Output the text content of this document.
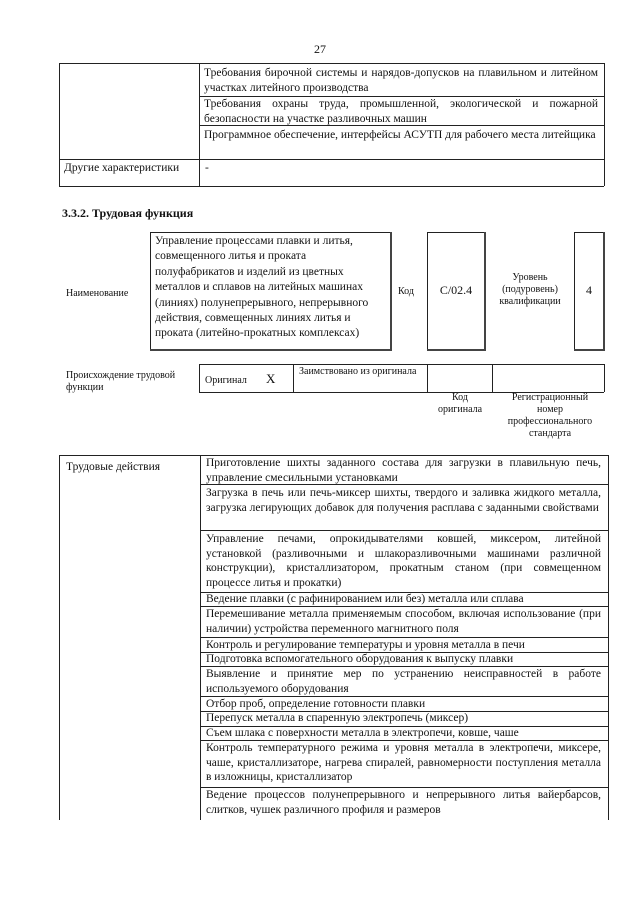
27
Требования бирочной системы и нарядов-допусков на плавильном и литейном участках литейного производства
Требования охраны труда, промышленной, экологической и пожарной безопасности на участке разливочных машин
Программное обеспечение, интерфейсы АСУТП для рабочего места литейщика
Другие характеристики	-
3.3.2. Трудовая функция
Наименование
Управление процессами плавки и литья, совмещенного литья и проката полуфабрикатов и изделий из цветных металлов и сплавов на литейных машинах (линиях) полунепрерывного, непрерывного действия, совмещенных линиях литья и проката (литейно-прокатных комплексах)
Код	C/02.4
Уровень (подуровень) квалификации
4
Происхождение трудовой функции
Оригинал	X	Заимствовано из оригинала
Код оригинала
Регистрационный номер профессионального стандарта
Трудовые действия	Приготовление шихты заданного состава для загрузки в плавильную печь, управление смесильными установками
Загрузка в печь или печь-миксер шихты, твердого и заливка жидкого металла, загрузка легирующих добавок для получения расплава с заданными свойствами
Управление печами, опрокидывателями ковшей, миксером, литейной установкой (разливочными и шлакоразливочными машинами различной конструкции), кристаллизатором, прокатным станом (при совмещенном процессе литья и прокатки)
Ведение плавки (с рафинированием или без) металла или сплава
Перемешивание металла применяемым способом, включая использование (при наличии) устройства переменного магнитного поля
Контроль и регулирование температуры и уровня металла в печи
Подготовка вспомогательного оборудования к выпуску плавки
Выявление и принятие мер по устранению неисправностей в работе используемого оборудования
Отбор проб, определение готовности плавки
Перепуск металла в спаренную электропечь (миксер)
Съем шлака с поверхности металла в электропечи, ковше, чаше
Контроль температурного режима и уровня металла в электропечи, миксере, чаше, кристаллизаторе, нагрева спиралей, равномерности поступления металла в изложницы, кристаллизатор
Ведение процессов полунепрерывного и непрерывного литья вайербарсов, слитков, чушек различного профиля и размеров
